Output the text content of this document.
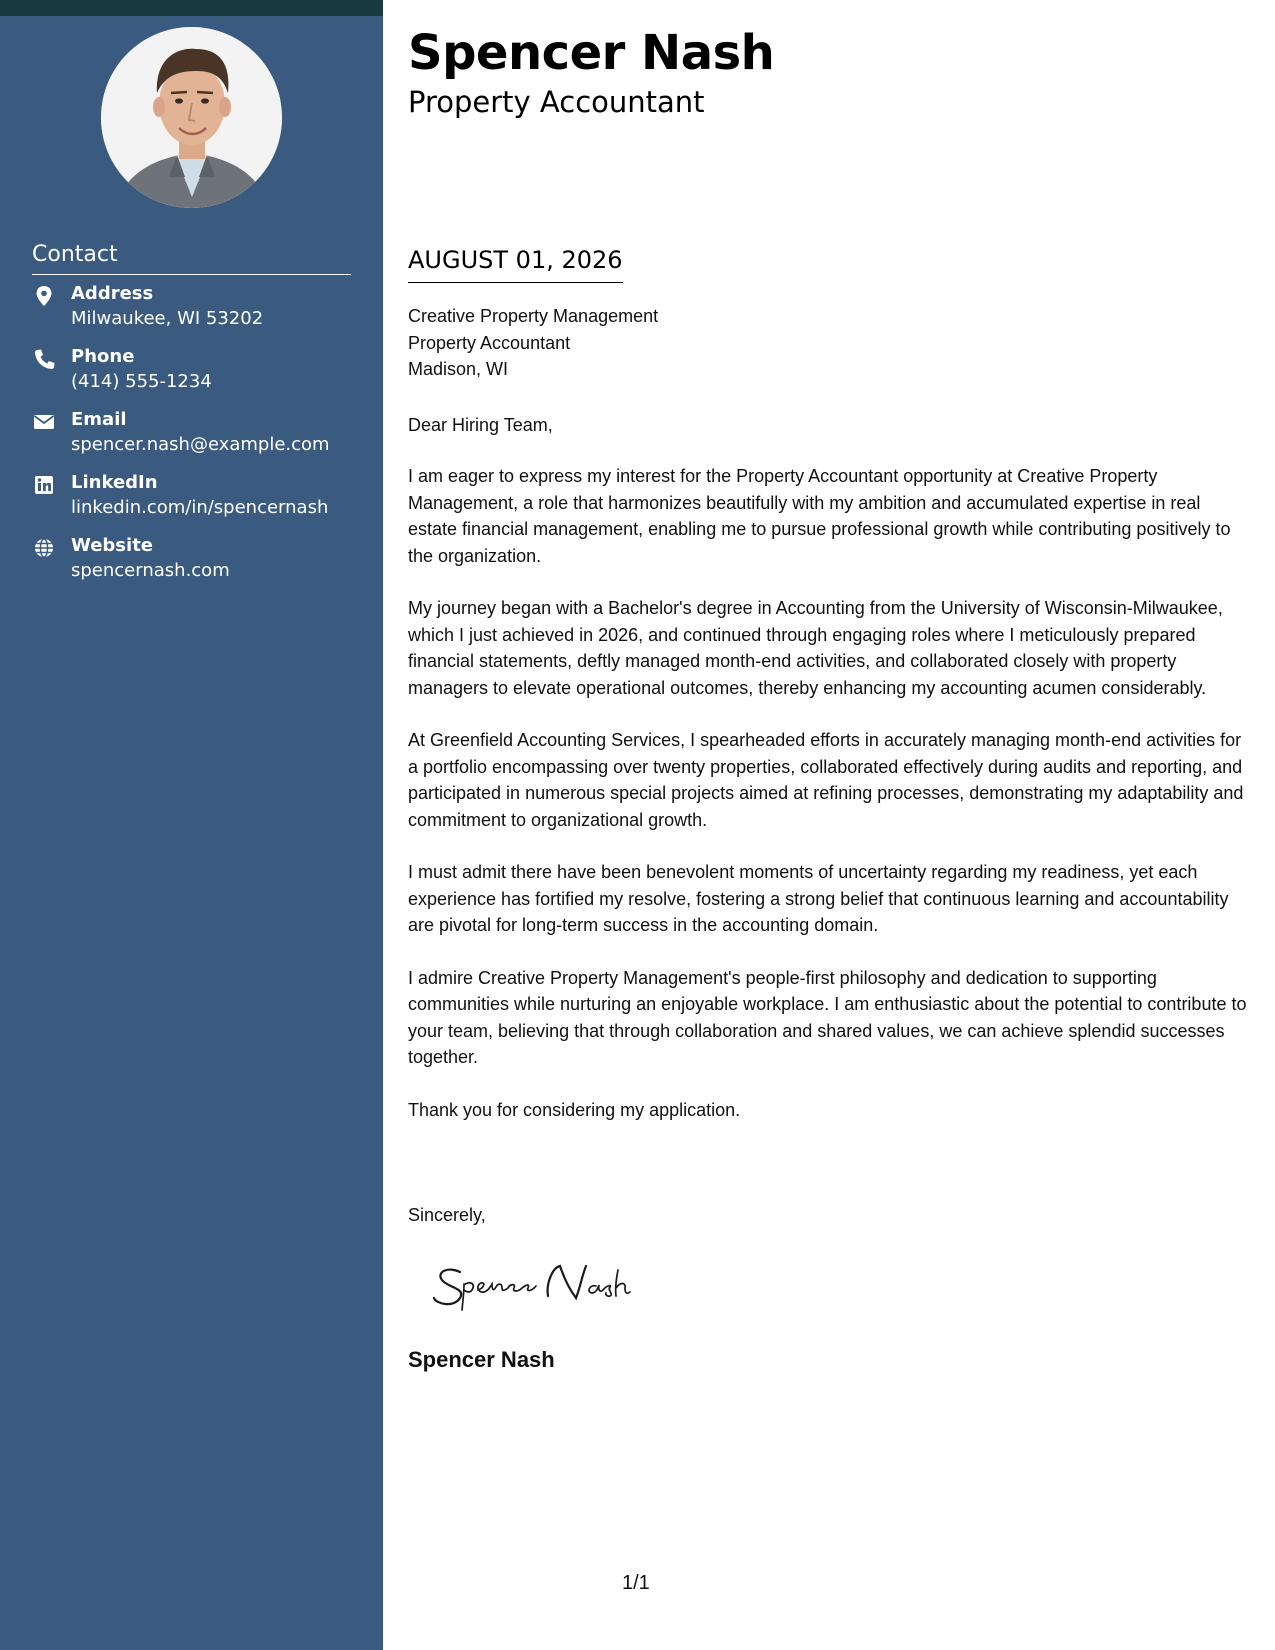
Contact
Address
Milwaukee, WI 53202
Phone
(414) 555-1234
Email
spencer.nash@example.com
LinkedIn
linkedin.com/in/spencernash
Website
spencernash.com
Spencer Nash
Property Accountant
AUGUST 01, 2026
Creative Property Management
Property Accountant
Madison, WI
Dear Hiring Team,

I am eager to express my interest for the Property Accountant opportunity at Creative Property Management, a role that harmonizes beautifully with my ambition and accumulated expertise in real estate financial management, enabling me to pursue professional growth while contributing positively to the organization.

My journey began with a Bachelor's degree in Accounting from the University of Wisconsin-Milwaukee, which I just achieved in 2026, and continued through engaging roles where I meticulously prepared financial statements, deftly managed month-end activities, and collaborated closely with property managers to elevate operational outcomes, thereby enhancing my accounting acumen considerably.

At Greenfield Accounting Services, I spearheaded efforts in accurately managing month-end activities for a portfolio encompassing over twenty properties, collaborated effectively during audits and reporting, and participated in numerous special projects aimed at refining processes, demonstrating my adaptability and commitment to organizational growth.

I must admit there have been benevolent moments of uncertainty regarding my readiness, yet each experience has fortified my resolve, fostering a strong belief that continuous learning and accountability are pivotal for long-term success in the accounting domain.

I admire Creative Property Management's people-first philosophy and dedication to supporting communities while nurturing an enjoyable workplace. I am enthusiastic about the potential to contribute to your team, believing that through collaboration and shared values, we can achieve splendid successes together.

Thank you for considering my application.

Sincerely,
Spencer Nash
1/1
